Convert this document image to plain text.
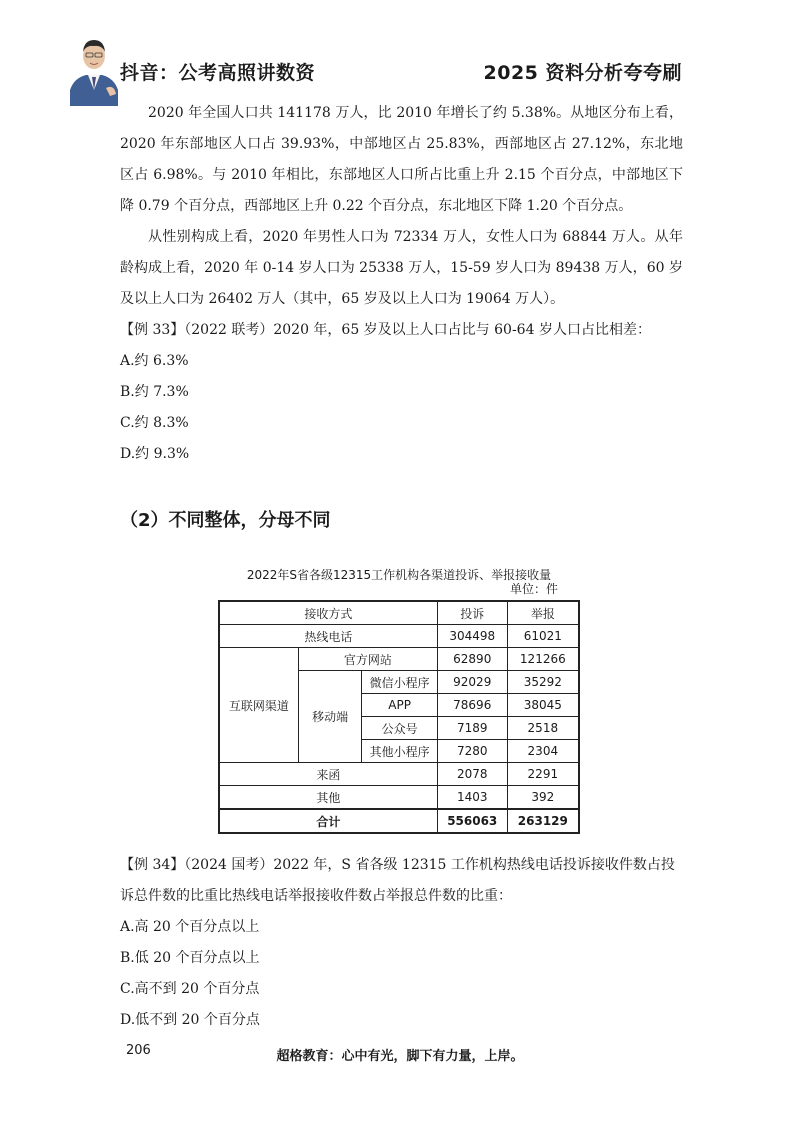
抖音：公考高照讲数资	2025 资料分析夸夸刷

2020 年全国人口共 141178 万人，比 2010 年增长了约 5.38%。从地区分布上看，2020 年东部地区人口占 39.93%，中部地区占 25.83%，西部地区占 27.12%，东北地区占 6.98%。与 2010 年相比，东部地区人口所占比重上升 2.15 个百分点，中部地区下降 0.79 个百分点，西部地区上升 0.22 个百分点，东北地区下降 1.20 个百分点。

从性别构成上看，2020 年男性人口为 72334 万人，女性人口为 68844 万人。从年龄构成上看，2020 年 0-14 岁人口为 25338 万人，15-59 岁人口为 89438 万人，60 岁及以上人口为 26402 万人（其中，65 岁及以上人口为 19064 万人）。

【例 33】（2022 联考）2020 年，65 岁及以上人口占比与 60-64 岁人口占比相差：

A.约 6.3%

B.约 7.3%

C.约 8.3%

D.约 9.3%

（2）不同整体，分母不同
2022年S省各级12315工作机构各渠道投诉、举报接收量
单位：件
接收方式			投诉	举报
热线电话			304498	61021
互联网渠道	官方网站		62890	121266
	移动端	微信小程序	92029	35292
		APP	78696	38045
		公众号	7189	2518
		其他小程序	7280	2304
来函			2078	2291
其他			1403	392
合计			556063	263129

【例 34】（2024 国考）2022 年，S 省各级 12315 工作机构热线电话投诉接收件数占投诉总件数的比重比热线电话举报接收件数占举报总件数的比重：

A.高 20 个百分点以上

B.低 20 个百分点以上

C.高不到 20 个百分点

D.低不到 20 个百分点

206	超格教育：心中有光，脚下有力量，上岸。
